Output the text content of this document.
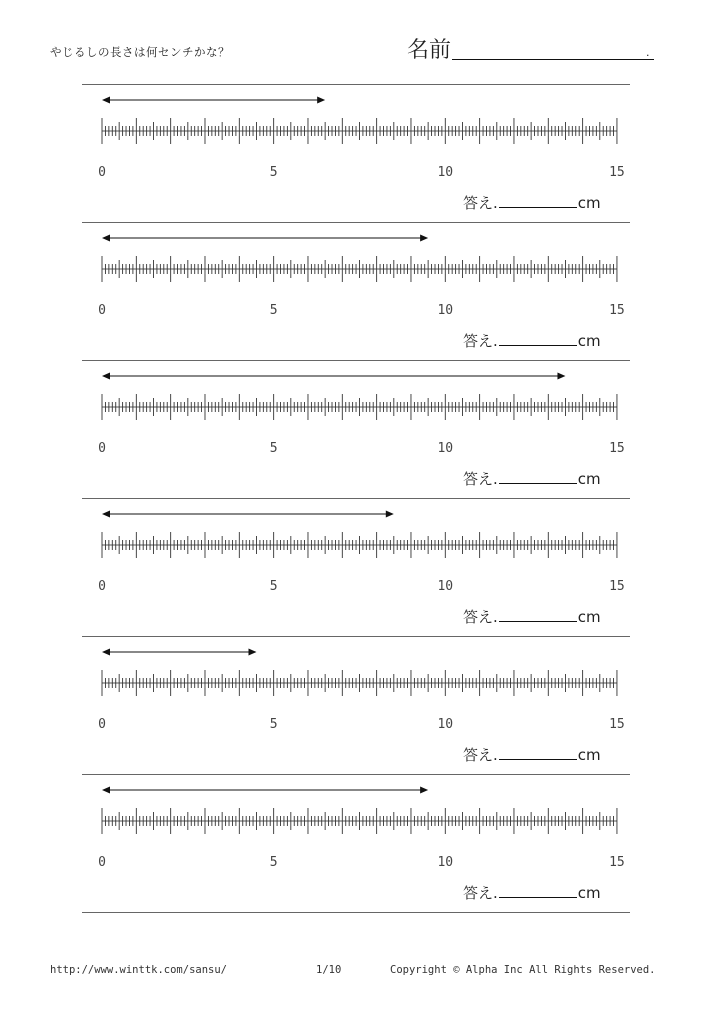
やじるしの長さは何センチかな？	名前	.
0	5	10	15
答え.	cm
0	5	10	15
答え.	cm
0	5	10	15
答え.	cm
0	5	10	15
答え.	cm
0	5	10	15
答え.	cm
0	5	10	15
答え.	cm
http://www.winttk.com/sansu/	1/10	Copyright © Alpha Inc All Rights Reserved.
